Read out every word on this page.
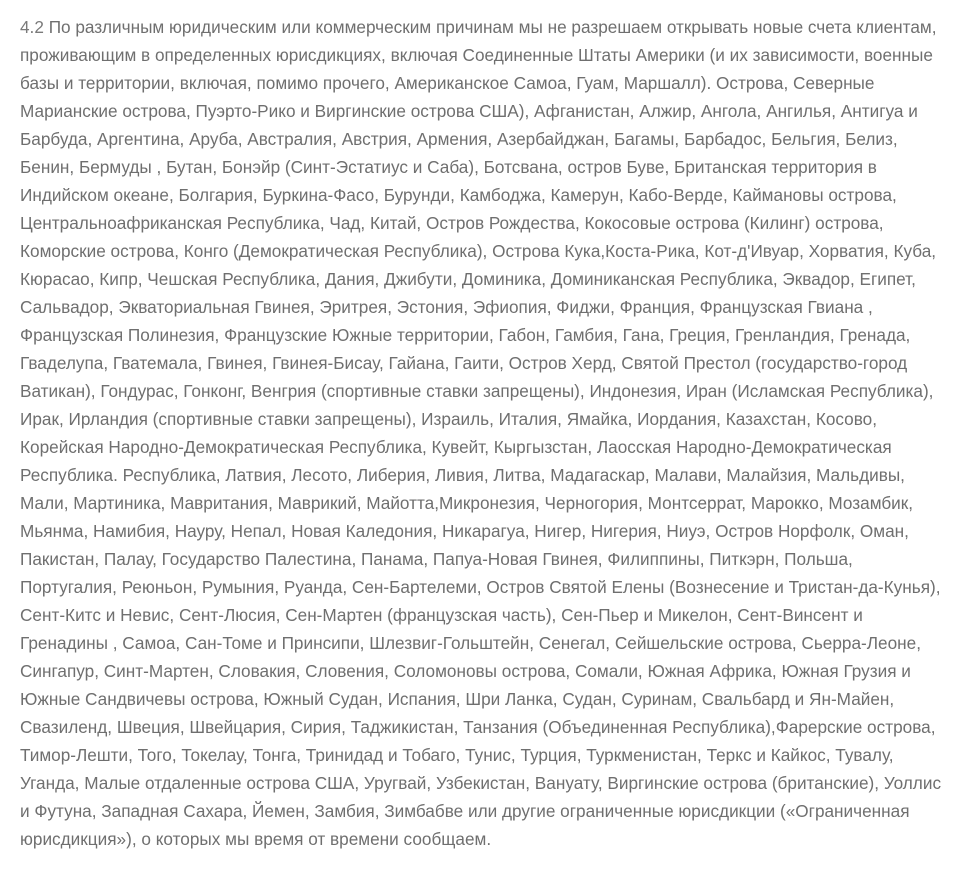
4.2 По различным юридическим или коммерческим причинам мы не разрешаем открывать новые счета клиентам, проживающим в определенных юрисдикциях, включая Соединенные Штаты Америки (и их зависимости, военные базы и территории, включая, помимо прочего, Американское Самоа, Гуам, Маршалл). Острова, Северные Марианские острова, Пуэрто-Рико и Виргинские острова США), Афганистан, Алжир, Ангола, Ангилья, Антигуа и Барбуда, Аргентина, Аруба, Австралия, Австрия, Армения, Азербайджан, Багамы, Барбадос, Бельгия, Белиз, Бенин, Бермуды , Бутан, Бонэйр (Синт-Эстатиус и Саба), Ботсвана, остров Буве, Британская территория в Индийском океане, Болгария, Буркина-Фасо, Бурунди, Камбоджа, Камерун, Кабо-Верде, Каймановы острова, Центральноафриканская Республика, Чад, Китай, Остров Рождества, Кокосовые острова (Килинг) острова, Коморские острова, Конго (Демократическая Республика), Острова Кука,Коста-Рика, Кот-д'Ивуар, Хорватия, Куба, Кюрасао, Кипр, Чешская Республика, Дания, Джибути, Доминика, Доминиканская Республика, Эквадор, Египет, Сальвадор, Экваториальная Гвинея, Эритрея, Эстония, Эфиопия, Фиджи, Франция, Французская Гвиана , Французская Полинезия, Французские Южные территории, Габон, Гамбия, Гана, Греция, Гренландия, Гренада, Гваделупа, Гватемала, Гвинея, Гвинея-Бисау, Гайана, Гаити, Остров Херд, Святой Престол (государство-город Ватикан), Гондурас, Гонконг, Венгрия (спортивные ставки запрещены), Индонезия, Иран (Исламская Республика), Ирак, Ирландия (спортивные ставки запрещены), Израиль, Италия, Ямайка, Иордания, Казахстан, Косово, Корейская Народно-Демократическая Республика, Кувейт, Кыргызстан, Лаосская Народно-Демократическая Республика. Республика, Латвия, Лесото, Либерия, Ливия, Литва, Мадагаскар, Малави, Малайзия, Мальдивы, Мали, Мартиника, Мавритания, Маврикий, Майотта,Микронезия, Черногория, Монтсеррат, Марокко, Мозамбик, Мьянма, Намибия, Науру, Непал, Новая Каледония, Никарагуа, Нигер, Нигерия, Ниуэ, Остров Норфолк, Оман, Пакистан, Палау, Государство Палестина, Панама, Папуа-Новая Гвинея, Филиппины, Питкэрн, Польша, Португалия, Реюньон, Румыния, Руанда, Сен-Бартелеми, Остров Святой Елены (Вознесение и Тристан-да-Кунья), Сент-Китс и Невис, Сент-Люсия, Сен-Мартен (французская часть), Сен-Пьер и Микелон, Сент-Винсент и Гренадины , Самоа, Сан-Томе и Принсипи, Шлезвиг-Гольштейн, Сенегал, Сейшельские острова, Сьерра-Леоне, Сингапур, Синт-Мартен, Словакия, Словения, Соломоновы острова, Сомали, Южная Африка, Южная Грузия и Южные Сандвичевы острова, Южный Судан, Испания, Шри Ланка, Судан, Суринам, Свальбард и Ян-Майен, Свазиленд, Швеция, Швейцария, Сирия, Таджикистан, Танзания (Объединенная Республика),Фарерские острова, Тимор-Лешти, Того, Токелау, Тонга, Тринидад и Тобаго, Тунис, Турция, Туркменистан, Теркс и Кайкос, Тувалу, Уганда, Малые отдаленные острова США, Уругвай, Узбекистан, Вануату, Виргинские острова (британские), Уоллис и Футуна, Западная Сахара, Йемен, Замбия, Зимбабве или другие ограниченные юрисдикции («Ограниченная юрисдикция»), о которых мы время от времени сообщаем.
